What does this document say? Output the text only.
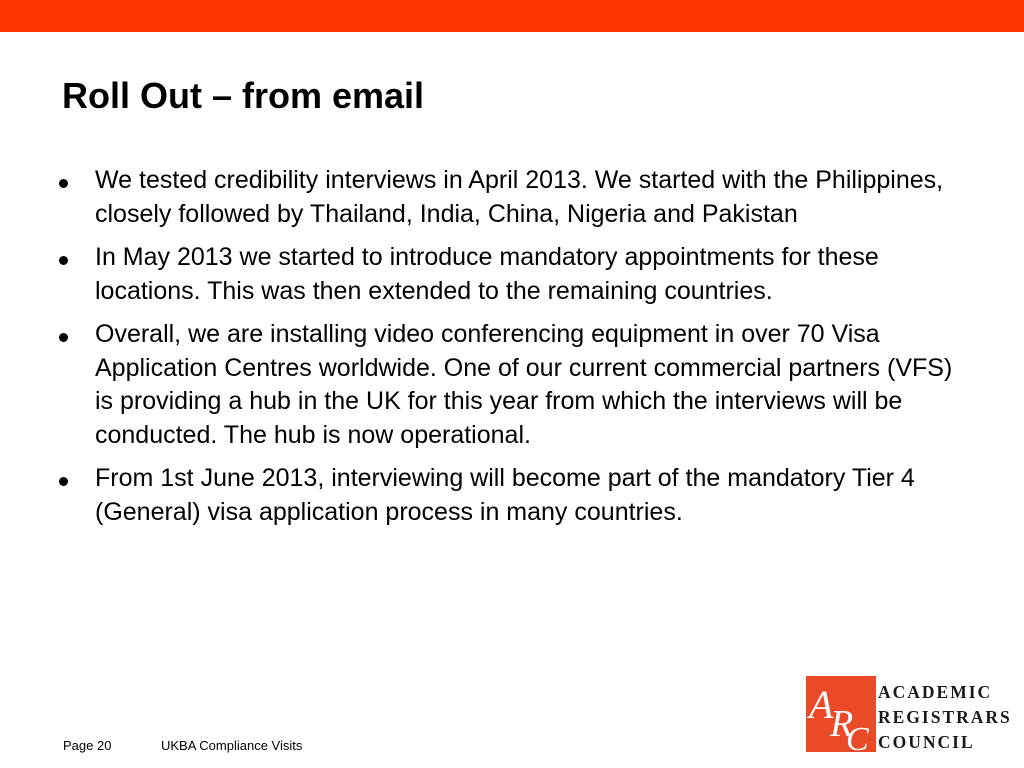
Roll Out – from email
We tested credibility interviews in April 2013. We started with the Philippines, closely followed by Thailand, India, China, Nigeria and Pakistan
In May 2013 we started to introduce mandatory appointments for these locations. This was then extended to the remaining countries.
Overall, we are installing video conferencing equipment in over 70 Visa Application Centres worldwide. One of our current commercial partners (VFS) is providing a hub in the UK for this year from which the interviews will be conducted. The hub is now operational.
From 1st June 2013, interviewing will become part of the mandatory Tier 4 (General) visa application process in many countries.
Page 20	UKBA Compliance Visits
A
R
C
ACADEMIC
REGISTRARS
COUNCIL
